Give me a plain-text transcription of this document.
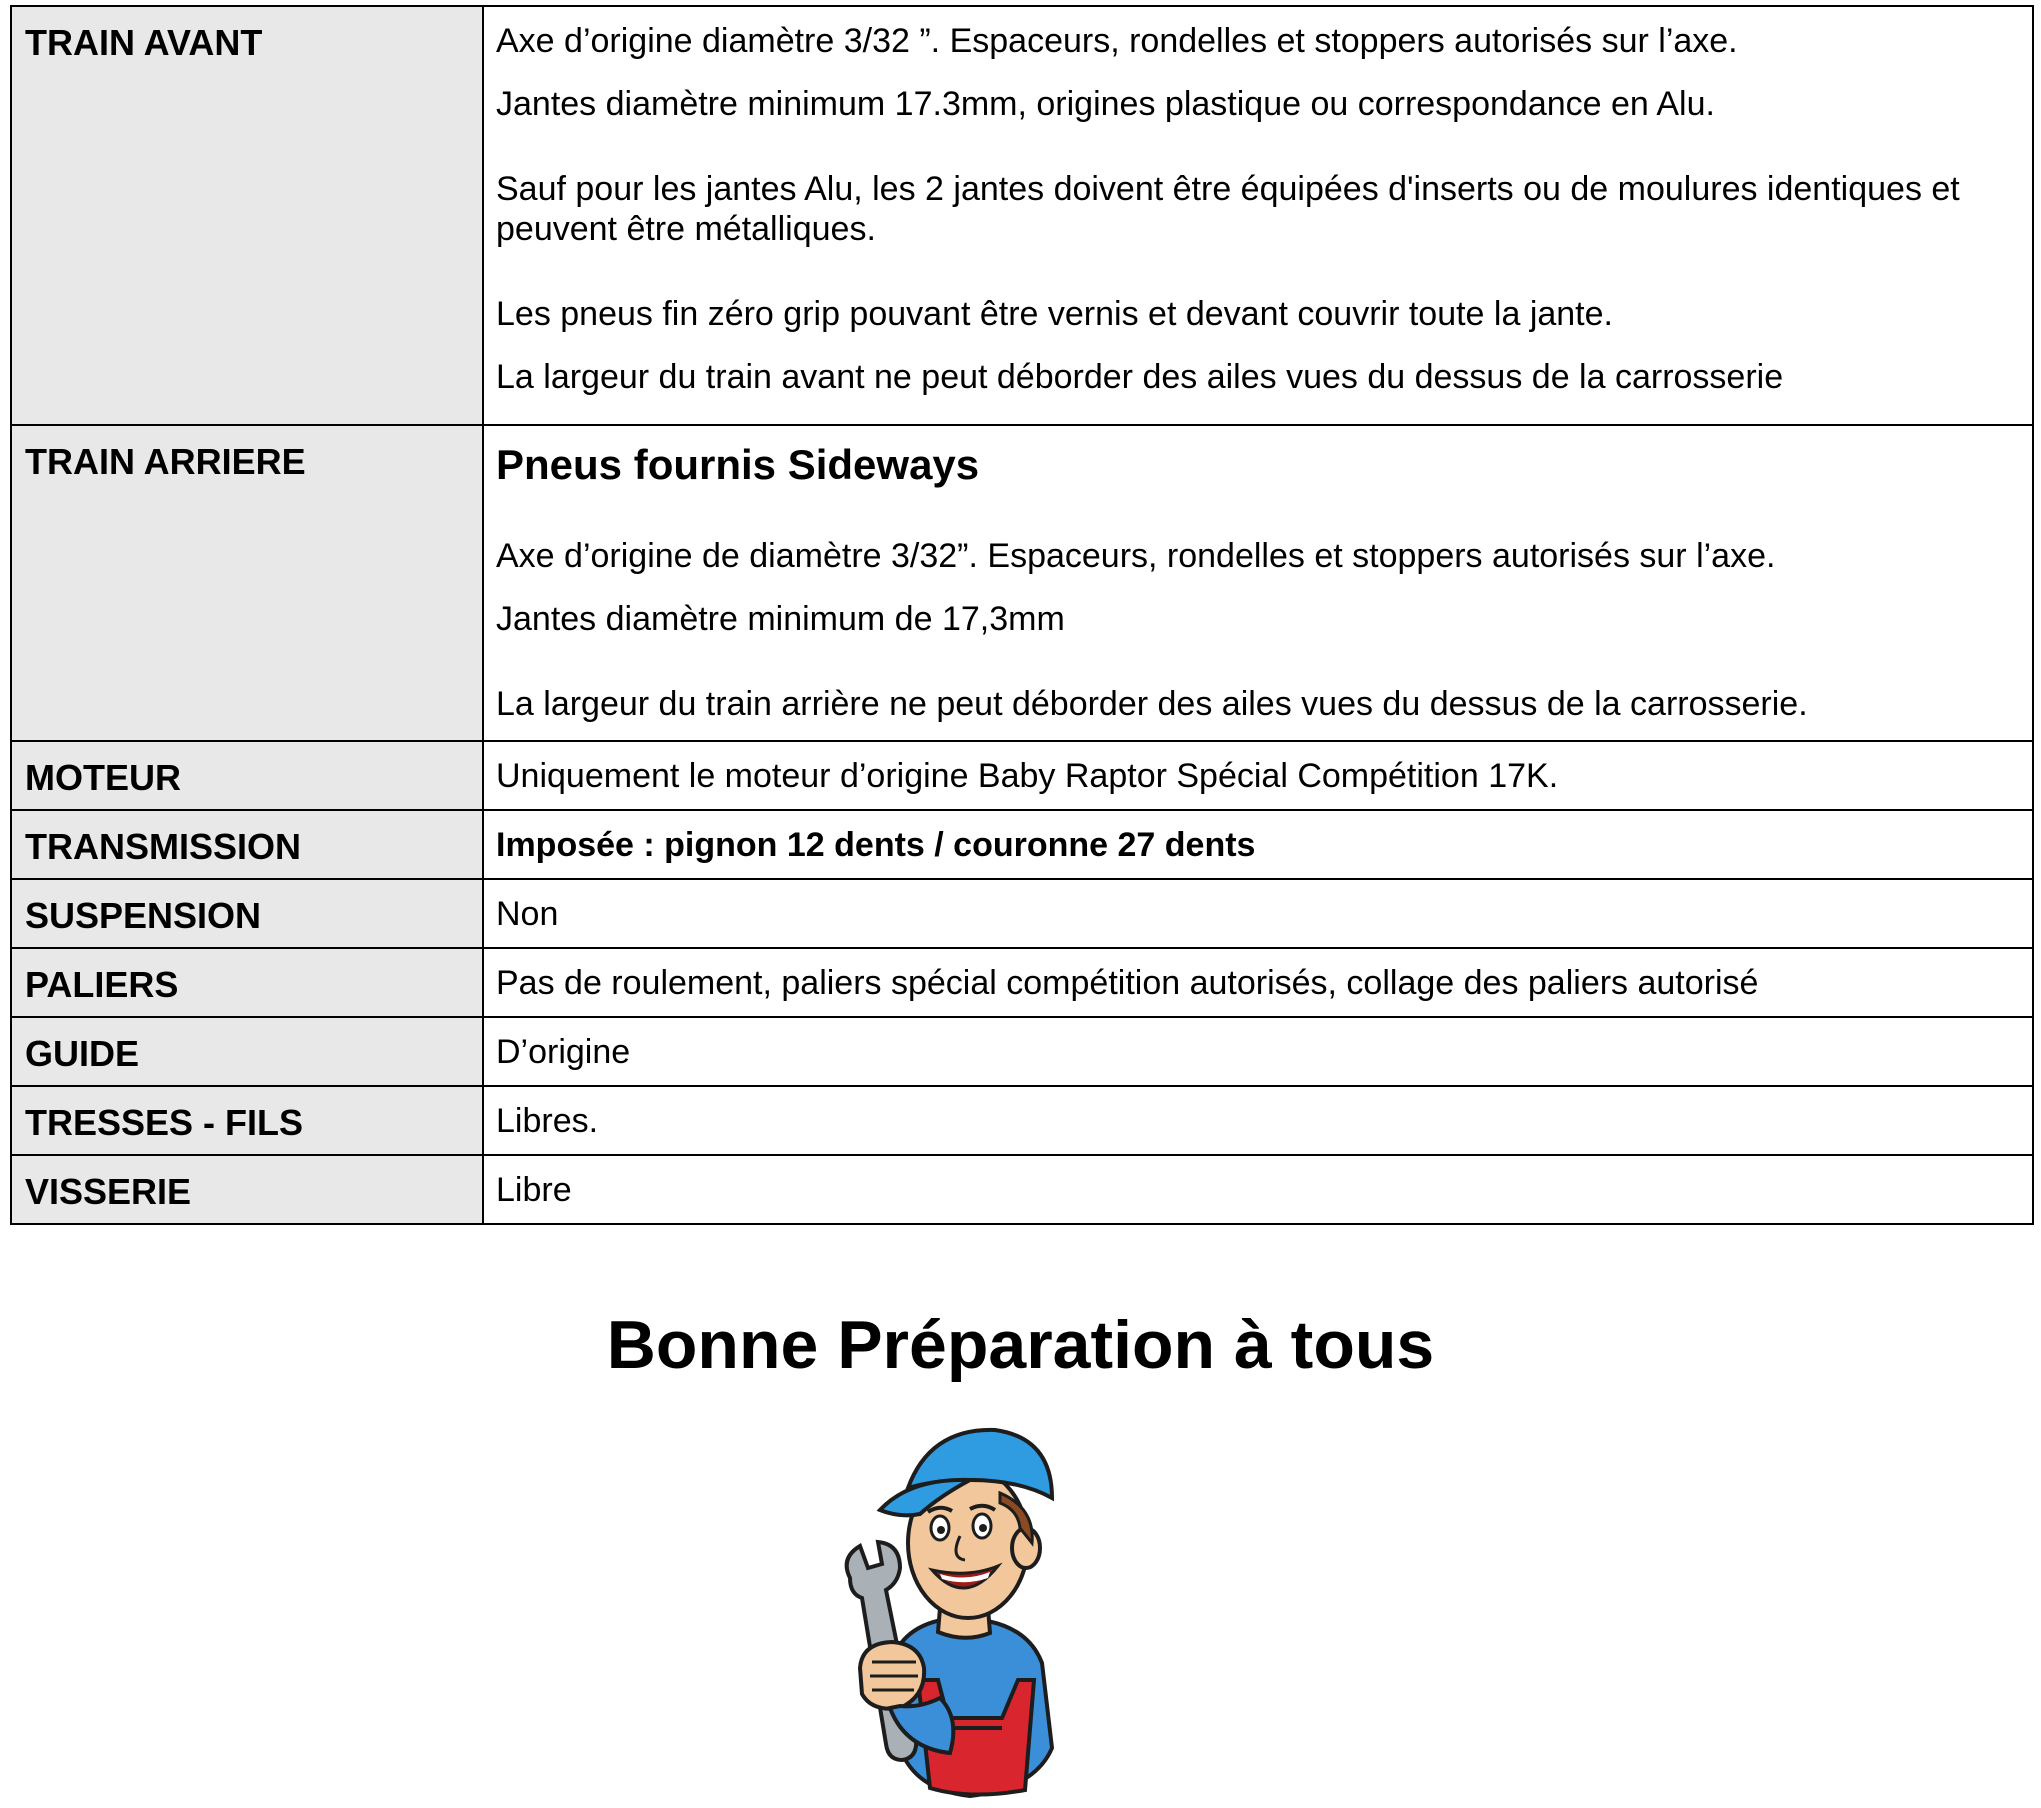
TRAIN AVANT	Axe d’origine diamètre 3/32 ”. Espaceurs, rondelles et stoppers autorisés sur l’axe.

Jantes diamètre minimum 17.3mm, origines plastique ou correspondance en Alu.

Sauf pour les jantes Alu, les 2 jantes doivent être équipées d'inserts ou de moulures identiques et peuvent être métalliques.

Les pneus fin zéro grip pouvant être vernis et devant couvrir toute la jante.

La largeur du train avant ne peut déborder des ailes vues du dessus de la carrosserie

TRAIN ARRIERE	Pneus fournis Sideways

Axe d’origine de diamètre 3/32”. Espaceurs, rondelles et stoppers autorisés sur l’axe.

Jantes diamètre minimum de 17,3mm

La largeur du train arrière ne peut déborder des ailes vues du dessus de la carrosserie.

MOTEUR	Uniquement le moteur d’origine Baby Raptor Spécial Compétition 17K.

TRANSMISSION	Imposée : pignon 12 dents / couronne 27 dents

SUSPENSION	Non

PALIERS	Pas de roulement, paliers spécial compétition autorisés, collage des paliers autorisé

GUIDE	D’origine

TRESSES - FILS	Libres.

VISSERIE	Libre

Bonne Préparation à tous
